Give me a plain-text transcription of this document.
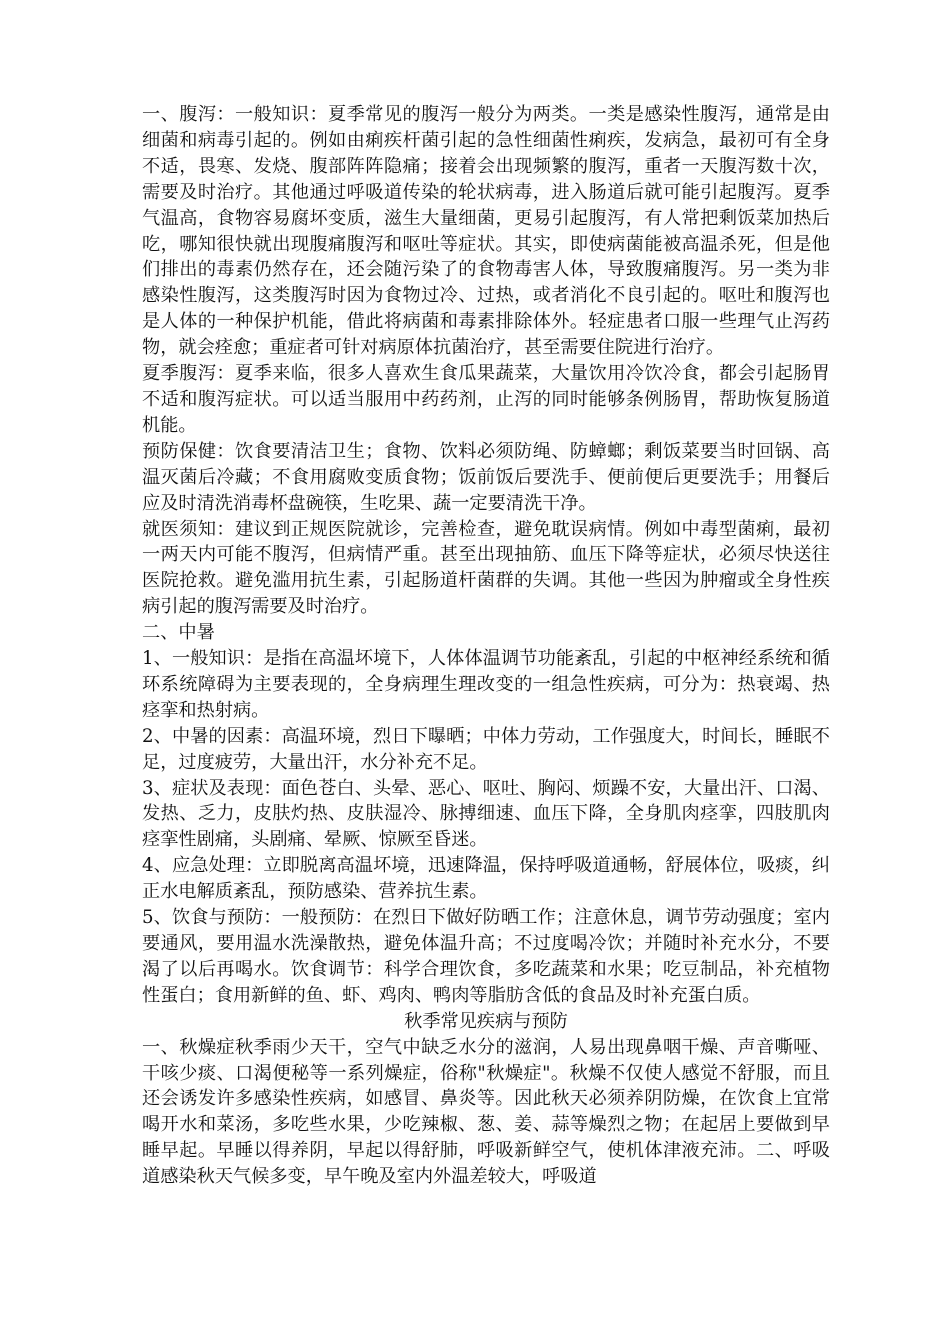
一、腹泻：一般知识：夏季常见的腹泻一般分为两类。一类是感染性腹泻，通常是由细菌和病毒引起的。例如由痢疾杆菌引起的急性细菌性痢疾，发病急，最初可有全身不适，畏寒、发烧、腹部阵阵隐痛；接着会出现频繁的腹泻，重者一天腹泻数十次，需要及时治疗。其他通过呼吸道传染的轮状病毒，进入肠道后就可能引起腹泻。夏季气温高，食物容易腐坏变质，滋生大量细菌，更易引起腹泻，有人常把剩饭菜加热后吃，哪知很快就出现腹痛腹泻和呕吐等症状。其实，即使病菌能被高温杀死，但是他们排出的毒素仍然存在，还会随污染了的食物毒害人体，导致腹痛腹泻。另一类为非感染性腹泻，这类腹泻时因为食物过冷、过热，或者消化不良引起的。呕吐和腹泻也是人体的一种保护机能，借此将病菌和毒素排除体外。轻症患者口服一些理气止泻药物，就会痊愈；重症者可针对病原体抗菌治疗，甚至需要住院进行治疗。

夏季腹泻：夏季来临，很多人喜欢生食瓜果蔬菜，大量饮用冷饮冷食，都会引起肠胃不适和腹泻症状。可以适当服用中药药剂，止泻的同时能够条例肠胃，帮助恢复肠道机能。

预防保健：饮食要清洁卫生；食物、饮料必须防绳、防蟑螂；剩饭菜要当时回锅、高温灭菌后冷藏；不食用腐败变质食物；饭前饭后要洗手、便前便后更要洗手；用餐后应及时清洗消毒杯盘碗筷，生吃果、蔬一定要清洗干净。

就医须知：建议到正规医院就诊，完善检查，避免耽误病情。例如中毒型菌痢，最初一两天内可能不腹泻，但病情严重。甚至出现抽筋、血压下降等症状，必须尽快送往医院抢救。避免滥用抗生素，引起肠道杆菌群的失调。其他一些因为肿瘤或全身性疾病引起的腹泻需要及时治疗。

二、中暑

1、一般知识：是指在高温坏境下，人体体温调节功能紊乱，引起的中枢神经系统和循环系统障碍为主要表现的，全身病理生理改变的一组急性疾病，可分为：热衰竭、热痉挛和热射病。

2、中暑的因素：高温环境，烈日下曝晒；中体力劳动，工作强度大，时间长，睡眠不足，过度疲劳，大量出汗，水分补充不足。

3、症状及表现：面色苍白、头晕、恶心、呕吐、胸闷、烦躁不安，大量出汗、口渴、发热、乏力，皮肤灼热、皮肤湿冷、脉搏细速、血压下降，全身肌肉痉挛，四肢肌肉痉挛性剧痛，头剧痛、晕厥、惊厥至昏迷。

4、应急处理：立即脱离高温坏境，迅速降温，保持呼吸道通畅，舒展体位，吸痰，纠正水电解质紊乱，预防感染、营养抗生素。

5、饮食与预防：一般预防：在烈日下做好防晒工作；注意休息，调节劳动强度；室内要通风，要用温水洗澡散热，避免体温升高；不过度喝冷饮；并随时补充水分，不要渴了以后再喝水。饮食调节：科学合理饮食，多吃蔬菜和水果；吃豆制品，补充植物性蛋白；食用新鲜的鱼、虾、鸡肉、鸭肉等脂肪含低的食品及时补充蛋白质。

秋季常见疾病与预防

一、秋燥症秋季雨少天干，空气中缺乏水分的滋润，人易出现鼻咽干燥、声音嘶哑、干咳少痰、口渴便秘等一系列燥症，俗称"秋燥症"。秋燥不仅使人感觉不舒服，而且还会诱发许多感染性疾病，如感冒、鼻炎等。因此秋天必须养阴防燥，在饮食上宜常喝开水和菜汤，多吃些水果，少吃辣椒、葱、姜、蒜等燥烈之物；在起居上要做到早睡早起。早睡以得养阴，早起以得舒肺，呼吸新鲜空气，使机体津液充沛。二、呼吸道感染秋天气候多变，早午晚及室内外温差较大，呼吸道
